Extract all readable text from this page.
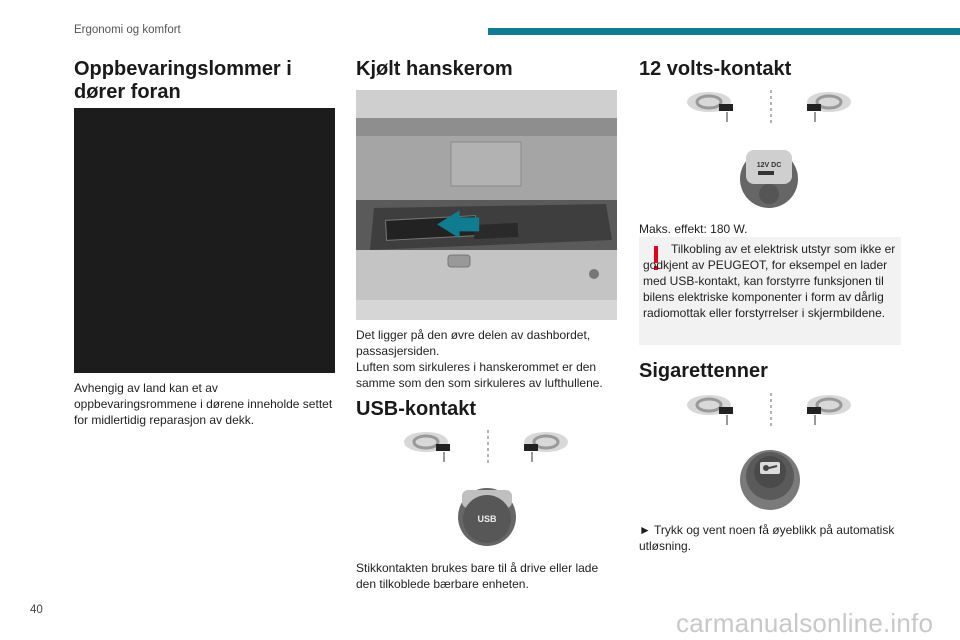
Ergonomi og komfort
Oppbevaringslommer i dører foran

Avhengig av land kan et av oppbevaringsrommene i dørene inneholde settet for midlertidig reparasjon av dekk.

Kjølt hanskerom

Det ligger på den øvre delen av dashbordet, passasjersiden.

Luften som sirkuleres i hanskerommet er den samme som den som sirkuleres av lufthullene.

USB-kontakt
USB

Stikkontakten brukes bare til å drive eller lade den tilkoblede bærbare enheten.

12 volts-kontakt
12V DC

Maks. effekt: 180 W.

Tilkobling av et elektrisk utstyr som ikke er godkjent av PEUGEOT, for eksempel en lader med USB-kontakt, kan forstyrre funksjonen til bilens elektriske komponenter i form av dårlig radiomottak eller forstyrrelser i skjermbildene.

Sigarettenner

► Trykk og vent noen få øyeblikk på automatisk utløsning.

40	carmanualsonline.info
